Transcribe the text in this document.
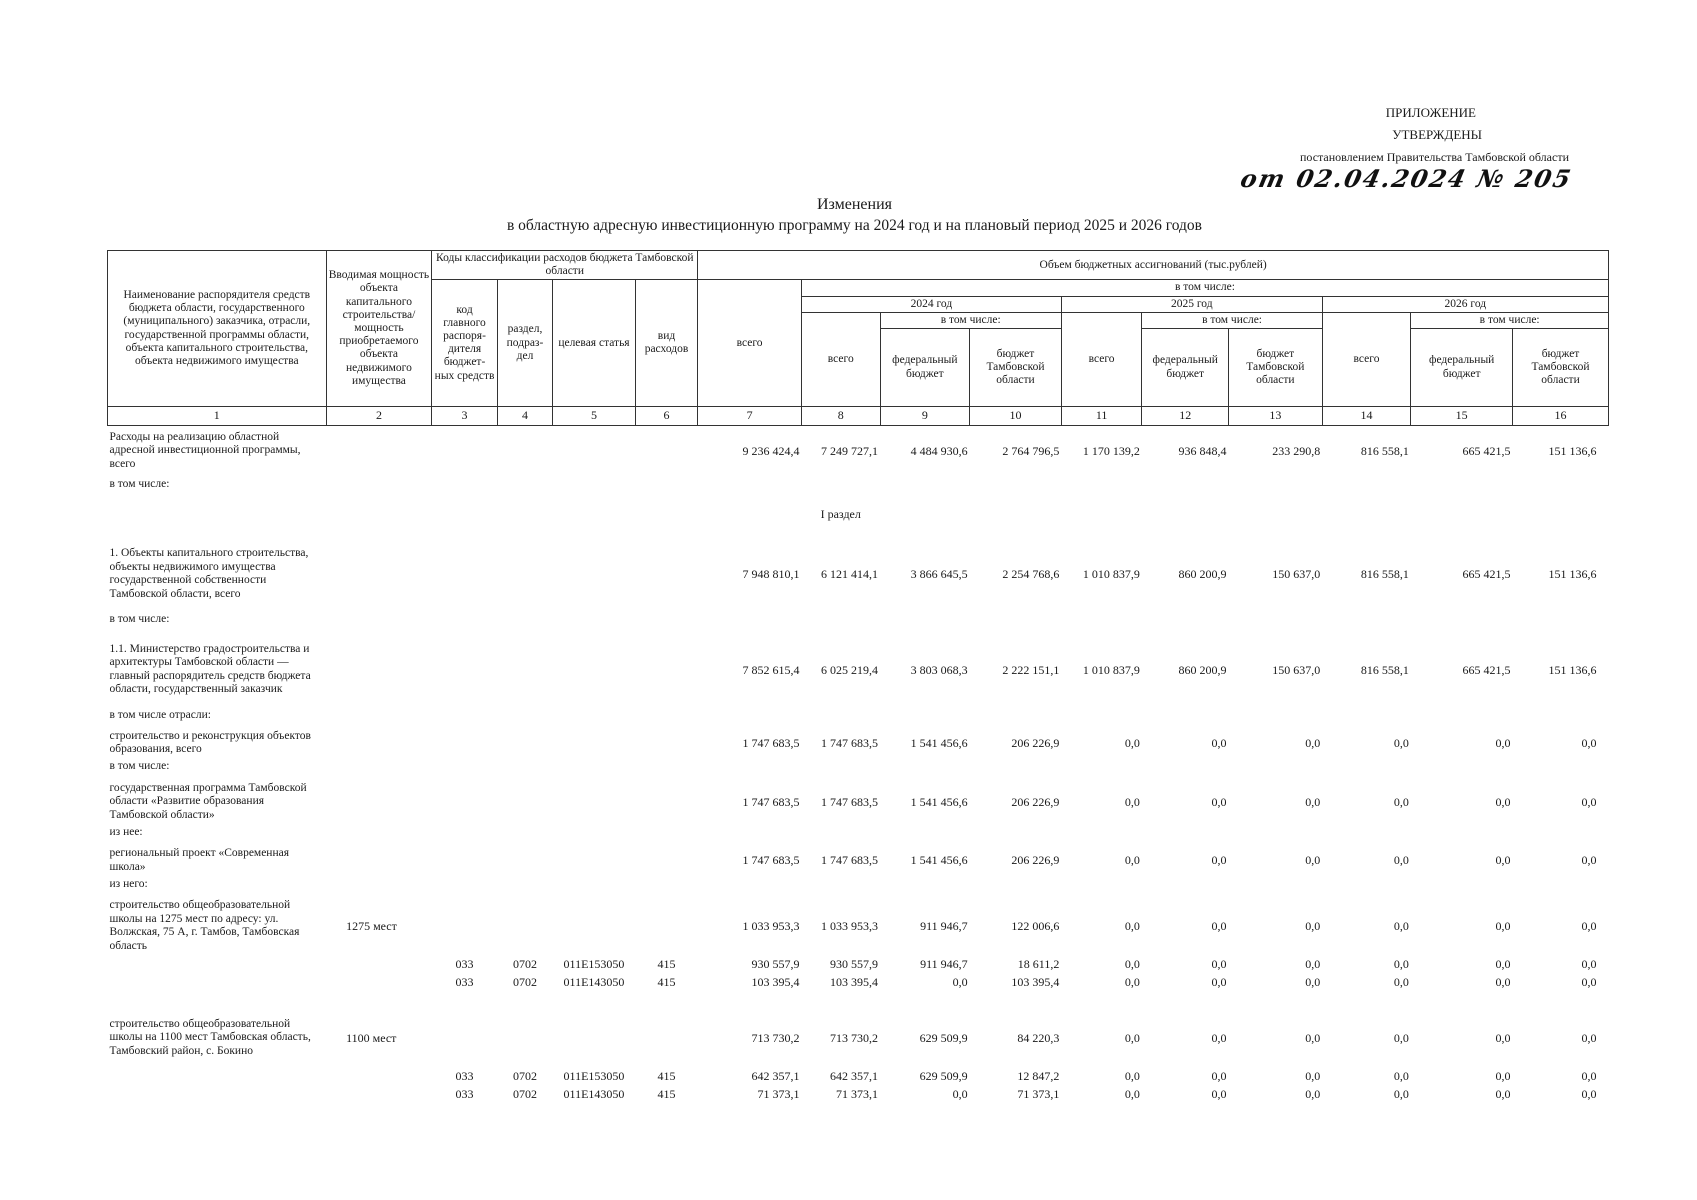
ПРИЛОЖЕНИЕ
УТВЕРЖДЕНЫ
постановлением Правительства Тамбовской области
от 02.04.2024 № 205
Изменения
в областную адресную инвестиционную программу на 2024 год и на плановый период 2025 и 2026 годов
Наименование распорядителя средств бюджета области, государственного (муниципального) заказчика, отрасли, государственной программы области, объекта капитального строительства, объекта недвижимого имущества	Вводимая мощность объекта капитального строительства/ мощность приобретаемого объекта недвижимого имущества	Коды классификации расходов бюджета Тамбовской области				Объем бюджетных ассигнований (тыс.рублей)									
		код главного распоря-дителя бюджет-ных средств	раздел, подраз-дел	целевая статья	вид расходов	всего	в том числе:								
							2024 год			2025 год			2026 год		
							всего	в том числе:		всего	в том числе:		всего	в том числе:	
								федеральный бюджет	бюджет Тамбовской области		федеральный бюджет	бюджет Тамбовской области		федеральный бюджет	бюджет Тамбовской области
1	2	3	4	5	6	7	8	9	10	11	12	13	14	15	16
Расходы на реализацию областной адресной инвестиционной программы, всего						9 236 424,4	7 249 727,1	4 484 930,6	2 764 796,5	1 170 139,2	936 848,4	233 290,8	816 558,1	665 421,5	151 136,6
в том числе:															
							I раздел								
1. Объекты капитального строительства, объекты недвижимого имущества государственной собственности Тамбовской области, всего						7 948 810,1	6 121 414,1	3 866 645,5	2 254 768,6	1 010 837,9	860 200,9	150 637,0	816 558,1	665 421,5	151 136,6
в том числе:															
1.1. Министерство градостроительства и архитектуры Тамбовской области — главный распорядитель средств бюджета области, государственный заказчик						7 852 615,4	6 025 219,4	3 803 068,3	2 222 151,1	1 010 837,9	860 200,9	150 637,0	816 558,1	665 421,5	151 136,6
в том числе отрасли:															
строительство и реконструкция объектов образования, всего						1 747 683,5	1 747 683,5	1 541 456,6	206 226,9	0,0	0,0	0,0	0,0	0,0	0,0
в том числе:															
государственная программа Тамбовской области «Развитие образования Тамбовской области»						1 747 683,5	1 747 683,5	1 541 456,6	206 226,9	0,0	0,0	0,0	0,0	0,0	0,0
из нее:															
региональный проект «Современная школа»						1 747 683,5	1 747 683,5	1 541 456,6	206 226,9	0,0	0,0	0,0	0,0	0,0	0,0
из него:															
строительство общеобразовательной школы на 1275 мест по адресу: ул. Волжская, 75 А, г. Тамбов, Тамбовская область	1275 мест					1 033 953,3	1 033 953,3	911 946,7	122 006,6	0,0	0,0	0,0	0,0	0,0	0,0
		033	0702	011E153050	415	930 557,9	930 557,9	911 946,7	18 611,2	0,0	0,0	0,0	0,0	0,0	0,0
		033	0702	011E143050	415	103 395,4	103 395,4	0,0	103 395,4	0,0	0,0	0,0	0,0	0,0	0,0

строительство общеобразовательной школы на 1100 мест Тамбовская область, Тамбовский район, с. Бокино	1100 мест					713 730,2	713 730,2	629 509,9	84 220,3	0,0	0,0	0,0	0,0	0,0	0,0
		033	0702	011E153050	415	642 357,1	642 357,1	629 509,9	12 847,2	0,0	0,0	0,0	0,0	0,0	0,0
		033	0702	011E143050	415	71 373,1	71 373,1	0,0	71 373,1	0,0	0,0	0,0	0,0	0,0	0,0
